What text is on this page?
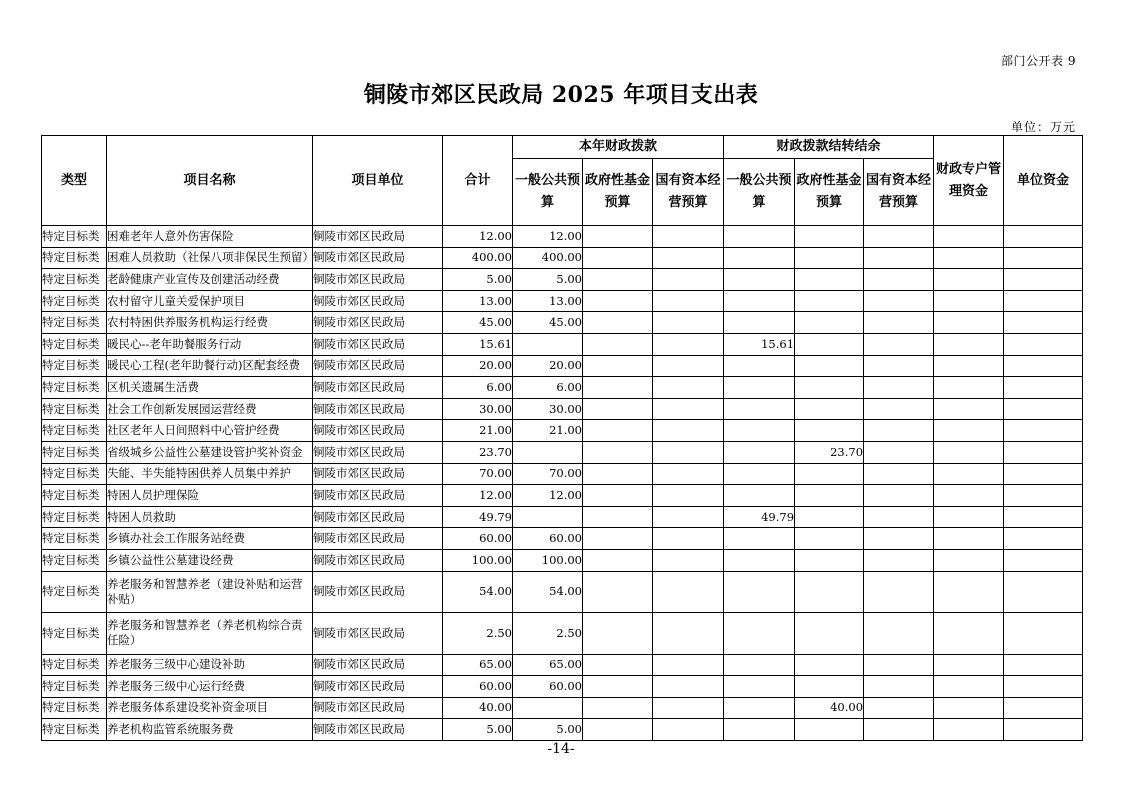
部门公开表 9
铜陵市郊区民政局 2025 年项目支出表
单位：万元
类型	项目名称	项目单位	合计	本年财政拨款			财政拨款结转结余			财政专户管理资金	单位资金
				一般公共预算	政府性基金预算	国有资本经营预算	一般公共预算	政府性基金预算	国有资本经营预算		
特定目标类	困难老年人意外伤害保险	铜陵市郊区民政局	12.00	12.00							
特定目标类	困难人员救助（社保八项非保民生预留）	铜陵市郊区民政局	400.00	400.00							
特定目标类	老龄健康产业宣传及创建活动经费	铜陵市郊区民政局	5.00	5.00							
特定目标类	农村留守儿童关爱保护项目	铜陵市郊区民政局	13.00	13.00							
特定目标类	农村特困供养服务机构运行经费	铜陵市郊区民政局	45.00	45.00							
特定目标类	暖民心--老年助餐服务行动	铜陵市郊区民政局	15.61				15.61				
特定目标类	暖民心工程(老年助餐行动)区配套经费	铜陵市郊区民政局	20.00	20.00							
特定目标类	区机关遗属生活费	铜陵市郊区民政局	6.00	6.00							
特定目标类	社会工作创新发展园运营经费	铜陵市郊区民政局	30.00	30.00							
特定目标类	社区老年人日间照料中心管护经费	铜陵市郊区民政局	21.00	21.00							
特定目标类	省级城乡公益性公墓建设管护奖补资金	铜陵市郊区民政局	23.70					23.70			
特定目标类	失能、半失能特困供养人员集中养护	铜陵市郊区民政局	70.00	70.00							
特定目标类	特困人员护理保险	铜陵市郊区民政局	12.00	12.00							
特定目标类	特困人员救助	铜陵市郊区民政局	49.79				49.79				
特定目标类	乡镇办社会工作服务站经费	铜陵市郊区民政局	60.00	60.00							
特定目标类	乡镇公益性公墓建设经费	铜陵市郊区民政局	100.00	100.00							
特定目标类	养老服务和智慧养老（建设补贴和运营补贴）	铜陵市郊区民政局	54.00	54.00							
特定目标类	养老服务和智慧养老（养老机构综合责任险）	铜陵市郊区民政局	2.50	2.50							
特定目标类	养老服务三级中心建设补助	铜陵市郊区民政局	65.00	65.00							
特定目标类	养老服务三级中心运行经费	铜陵市郊区民政局	60.00	60.00							
特定目标类	养老服务体系建设奖补资金项目	铜陵市郊区民政局	40.00					40.00			
特定目标类	养老机构监管系统服务费	铜陵市郊区民政局	5.00	5.00							
-14-
